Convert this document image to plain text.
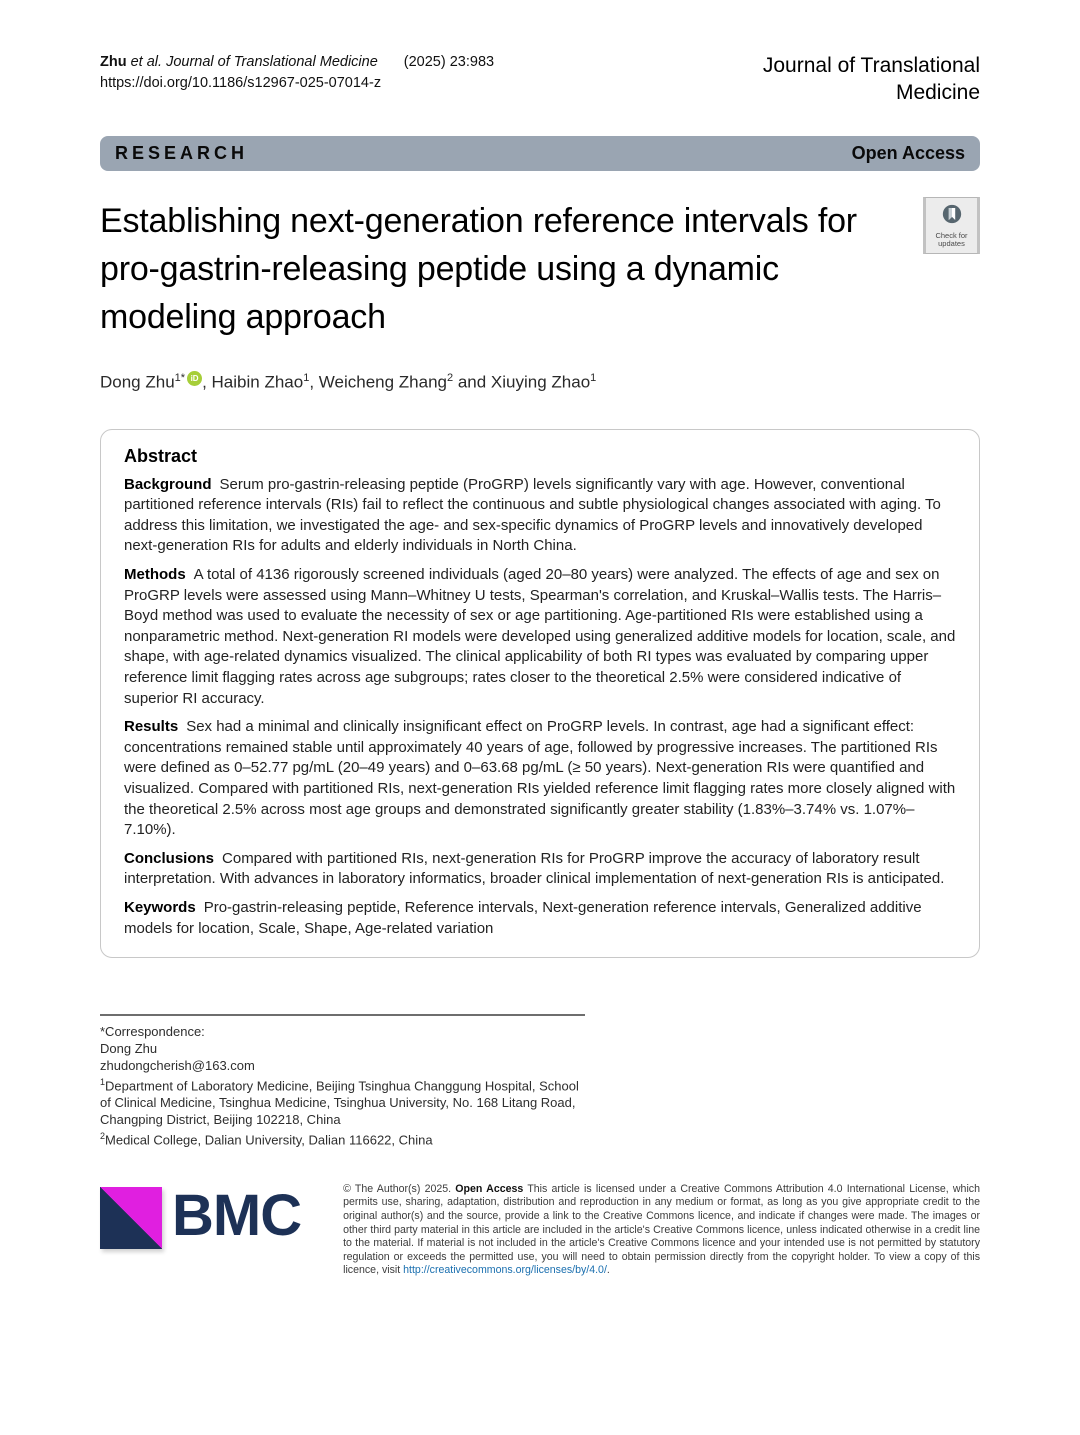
Zhu et al. Journal of Translational Medicine (2025) 23:983
https://doi.org/10.1186/s12967-025-07014-z
Journal of Translational
Medicine
RESEARCH	Open Access
Establishing next-generation reference intervals for pro-gastrin-releasing peptide using a dynamic modeling approach
Check for
updates
Dong Zhu$^{1*}$ iD , Haibin Zhao$^1$, Weicheng Zhang$^2$ and Xiuying Zhao$^1$
Abstract

Background Serum pro-gastrin-releasing peptide (ProGRP) levels significantly vary with age. However, conventional partitioned reference intervals (RIs) fail to reflect the continuous and subtle physiological changes associated with aging. To address this limitation, we investigated the age- and sex-specific dynamics of ProGRP levels and innovatively developed next-generation RIs for adults and elderly individuals in North China.

Methods A total of 4136 rigorously screened individuals (aged 20–80 years) were analyzed. The effects of age and sex on ProGRP levels were assessed using Mann–Whitney U tests, Spearman's correlation, and Kruskal–Wallis tests. The Harris–Boyd method was used to evaluate the necessity of sex or age partitioning. Age-partitioned RIs were established using a nonparametric method. Next-generation RI models were developed using generalized additive models for location, scale, and shape, with age-related dynamics visualized. The clinical applicability of both RI types was evaluated by comparing upper reference limit flagging rates across age subgroups; rates closer to the theoretical 2.5% were considered indicative of superior RI accuracy.

Results Sex had a minimal and clinically insignificant effect on ProGRP levels. In contrast, age had a significant effect: concentrations remained stable until approximately 40 years of age, followed by progressive increases. The partitioned RIs were defined as 0–52.77 pg/mL (20–49 years) and 0–63.68 pg/mL (≥ 50 years). Next-generation RIs were quantified and visualized. Compared with partitioned RIs, next-generation RIs yielded reference limit flagging rates more closely aligned with the theoretical 2.5% across most age groups and demonstrated significantly greater stability (1.83%–3.74% vs. 1.07%–7.10%).

Conclusions Compared with partitioned RIs, next-generation RIs for ProGRP improve the accuracy of laboratory result interpretation. With advances in laboratory informatics, broader clinical implementation of next-generation RIs is anticipated.

Keywords Pro-gastrin-releasing peptide, Reference intervals, Next-generation reference intervals, Generalized additive models for location, Scale, Shape, Age-related variation

*Correspondence:
Dong Zhu
zhudongcherish@163.com
$^1$Department of Laboratory Medicine, Beijing Tsinghua Changgung Hospital, School of Clinical Medicine, Tsinghua Medicine, Tsinghua University, No. 168 Litang Road, Changping District, Beijing 102218, China
$^2$Medical College, Dalian University, Dalian 116622, China
BMC	© The Author(s) 2025. Open Access This article is licensed under a Creative Commons Attribution 4.0 International License, which permits use, sharing, adaptation, distribution and reproduction in any medium or format, as long as you give appropriate credit to the original author(s) and the source, provide a link to the Creative Commons licence, and indicate if changes were made. The images or other third party material in this article are included in the article's Creative Commons licence, unless indicated otherwise in a credit line to the material. If material is not included in the article's Creative Commons licence and your intended use is not permitted by statutory regulation or exceeds the permitted use, you will need to obtain permission directly from the copyright holder. To view a copy of this licence, visit http://creativecommons.org/licenses/by/4.0/.
